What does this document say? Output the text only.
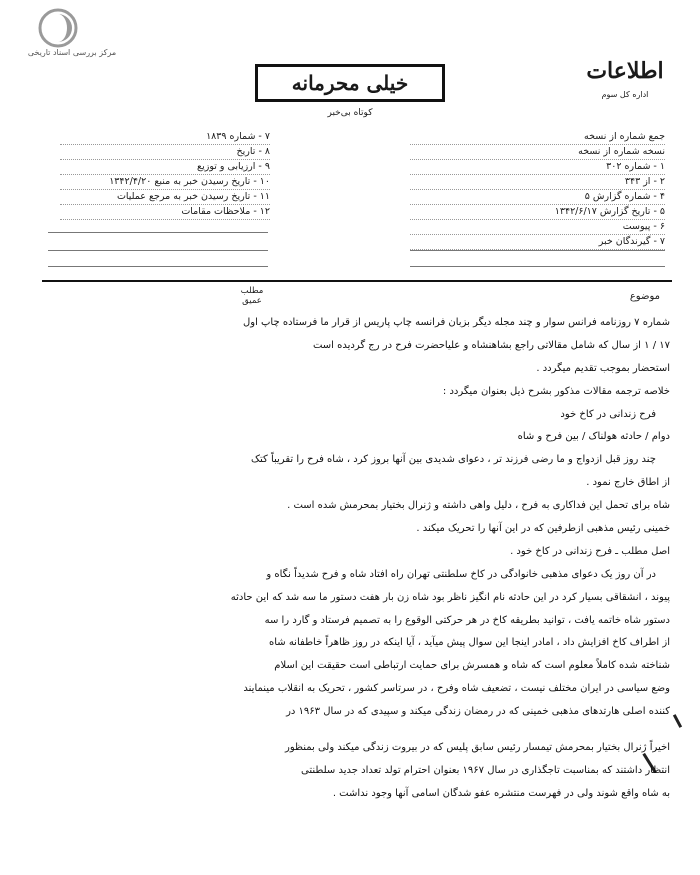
مرکز بررسی اسناد تاریخی
خیلی محرمانه
کوتاه بی‌خبر
اطلاعات
اداره کل سوم
۷ - شماره ۱۸۳۹
۸ - تاریخ
۹ - ارزیابی و توزیع
۱۰ - تاریخ رسیدن خبر به منبع ۱۳۴۲/۴/۲۰
۱۱ - تاریخ رسیدن خبر به مرجع عملیات
۱۲ - ملاحظات مقامات
جمع شماره از نسخه
نسخه شماره از نسخه
۱ - شماره ۳۰۲
۲ - از ۳۴۳
۴ - شماره گزارش ۵
۵ - تاریخ گزارش ۱۳۴۲/۶/۱۷
۶ - پیوست
۷ - گیرندگان خبر
موضوع
مطلب عمیق
شماره ۷ روزنامه فرانس سوار و چند مجله دیگر بزبان فرانسه چاپ پاریس از قرار ما فرستاده چاپ اول
۱۷ / ۱ از سال که شامل مقالاتی راجع بشاهنشاه و علیاحضرت فرح در رج گردیده است
استحضار بموجب تقدیم میگردد .
خلاصه ترجمه مقالات مذکور بشرح ذیل بعنوان میگردد :
فرح زندانی در کاخ خود
دوام / حادثه هولناک / بین فرح و شاه
چند روز قبل ازدواج و ما رضی فرزند تر ، دعوای شدیدی بین آنها بروز کرد ، شاه فرح را تقریباً کتک
از اطاق خارج نمود .
شاه برای تحمل این فداکاری به فرح ، دلیل واهی داشته و ژنرال بختیار بمحرمش شده است .
خمینی رئیس مذهبی ازطرفین که در این آنها را تحریک میکند .
اصل مطلب ـ فرح زندانی در کاخ خود .
در آن روز یک دعوای مذهبی خانوادگی در کاخ سلطنتی تهران راه افتاد شاه و فرح شدیداً نگاه و
پیوند ، انشقاقی بسیار کرد در این حادثه نام انگیز ناظر بود شاه زن بار هفت دستور ما سه شد که این حادثه
دستور شاه خاتمه یافت ، توانید بطریقه کاخ در هر حرکتی الوقوع را به تصمیم فرستاد و گارد را سه
از اطراف کاخ افزایش داد ، امادر اینجا این سوال پیش میآید ، آیا اینکه در روز ظاهراً خاطفانه شاه
شناخته شده کاملاً معلوم است که شاه و همسرش برای حمایت ارتباطی است حقیقت این اسلام
وضع سیاسی در ایران مختلف نیست ، تضعیف شاه وفرح ، در سرتاسر کشور ، تحریک به انقلاب مینمایند
کننده اصلی هارتدهای مذهبی خمینی که در رمضان زندگی میکند و سپیدی که در سال ۱۹۶۳ در
اخیراً ژنرال بختیار بمحرمش تیمسار رئیس سابق پلیس که در بیروت زندگی میکند ولی بمنظور
انتظار داشتند که بمناسبت تاجگذاری در سال ۱۹۶۷ بعنوان احترام تولد تعداد جدید سلطنتی
به شاه واقع شوند ولی در فهرست منتشره عفو شدگان اسامی آنها وجود نداشت .
